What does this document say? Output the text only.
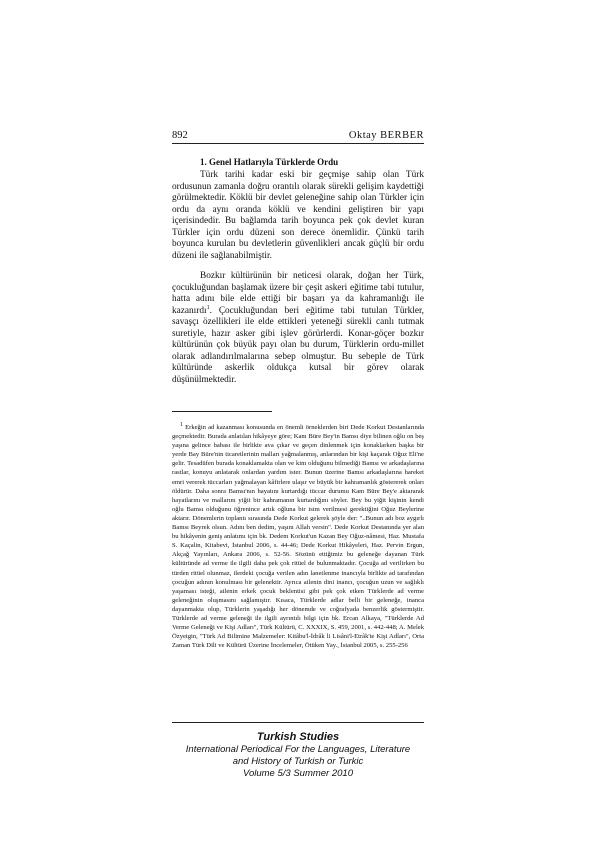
892	Oktay BERBER
1. Genel Hatlarıyla Türklerde Ordu

Türk tarihi kadar eski bir geçmişe sahip olan Türk ordusunun zamanla doğru orantılı olarak sürekli gelişim kaydettiği görülmektedir. Köklü bir devlet geleneğine sahip olan Türkler için ordu da aynı oranda köklü ve kendini geliştiren bir yapı içerisindedir. Bu bağlamda tarih boyunca pek çok devlet kuran Türkler için ordu düzeni son derece önemlidir. Çünkü tarih boyunca kurulan bu devletlerin güvenlikleri ancak güçlü bir ordu düzeni ile sağlanabilmiştir.

Bozkır kültürünün bir neticesi olarak, doğan her Türk, çocukluğundan başlamak üzere bir çeşit askeri eğitime tabi tutulur, hatta adını bile elde ettiği bir başarı ya da kahramanlığı ile kazanırdı$^1$. Çocukluğundan beri eğitime tabi tutulan Türkler, savaşçı özellikleri ile elde ettikleri yeteneği sürekli canlı tutmak suretiyle, hazır asker gibi işlev görürlerdi. Konar-göçer bozkır kültürünün çok büyük payı olan bu durum, Türklerin ordu-millet olarak adlandırılmalarına sebep olmuştur. Bu sebeple de Türk kültüründe askerlik oldukça kutsal bir görev olarak düşünülmektedir.

$^1$ Erkeğin ad kazanması konusunda en önemli örneklerden biri Dede Korkut Destanlarında geçmektedir. Burada anlatılan hikâyeye göre; Kam Büre Bey'in Bamsı diye bilinen oğlu on beş yaşına gelince babası ile birlikte ava çıkar ve geçen dinlenmek için konaklarken başka bir yerde Bay Büre'nin ticaretlerinin malları yağmalanmış, anlarından bir kişi kaçarak Oğuz Eli'ne gelir. Tesadüfen burada konaklamakta olan ve kim olduğunu bilmediği Bamsı ve arkadaşlarına rastlar, konuyu anlatarak onlardan yardım ister. Bunun üzerine Bamsı arkadaşlarına hareket emri vererek tüccarları yağmalayan kâfirlere ulaşır ve büyük bir kahramanlık göstererek onları öldürür. Daha sonra Bamsı'nın hayatını kurtardığı tüccar durumu Kam Büre Bey'e aktararak hayatlarını ve mallarını yiğit bir kahramanın kurtardığını söyler. Bey bu yiğit kişinin kendi oğlu Bamsı olduğunu öğrenince artık oğluna bir isim verilmesi gerektiğini Oğuz Beylerine aktarır. Dönemlerin toplantı sırasında Dede Korkut gelerek şöyle der: "..Bunun adı boz aygırlı Bamsı Beyrek olsun. Adını ben dedim, yaşını Allah versin". Dede Korkut Destanında yer alan bu hikâyenin geniş anlatımı için bk. Dedem Korkut'un Kazan Bey Oğuz-nâmesi, Haz. Mustafa S. Kaçalin, Kitabevi, İstanbul 2006, s. 44-46; Dede Korkut Hikâyeleri, Haz. Pervin Ergun, Akçağ Yayınları, Ankara 2006, s. 52-56. Sözünü ettiğimiz bu geleneğe dayanan Türk kültüründe ad verme ile ilgili daha pek çok ritüel de bulunmaktadır. Çocuğa ad verilirken bu türden ritüel olunmaz, ilerdeki çocuğa verilen adın lanetlenme inancıyla birlikte ad tarafından çocuğun adının konulması bir gelenektir. Ayrıca ailenin dini inancı, çocuğun uzun ve sağlıklı yaşaması isteği, ailenin erkek çocuk beklentisi gibi pek çok etken Türklerde ad verme geleneğinin oluşmasını sağlamıştır. Kısaca, Türklerde adlar belli bir geleneğe, inanca dayanmakta olup, Türklerin yaşadığı her dönemde ve coğrafyada benzerlik göstermiştir. Türklerde ad verme geleneği ile ilgili ayrıntılı bilgi için bk. Ercan Alkaya, "Türklerde Ad Verme Geleneği ve Kişi Adları", Türk Kültürü, C. XXXIX, S. 459, 2001, s. 442-448; A. Melek Özyetgin, "Türk Ad Bilimine Malzemeler: Kitâbu'l-İdrâk li Lisâni'l-Etrâk'te Kişi Adları", Orta Zaman Türk Dili ve Kültürü Üzerine İncelemeler, Ötüken Yay., İstanbul 2005, s. 255-256

Turkish Studies
International Periodical For the Languages, Literature
and History of Turkish or Turkic
Volume 5/3 Summer 2010
